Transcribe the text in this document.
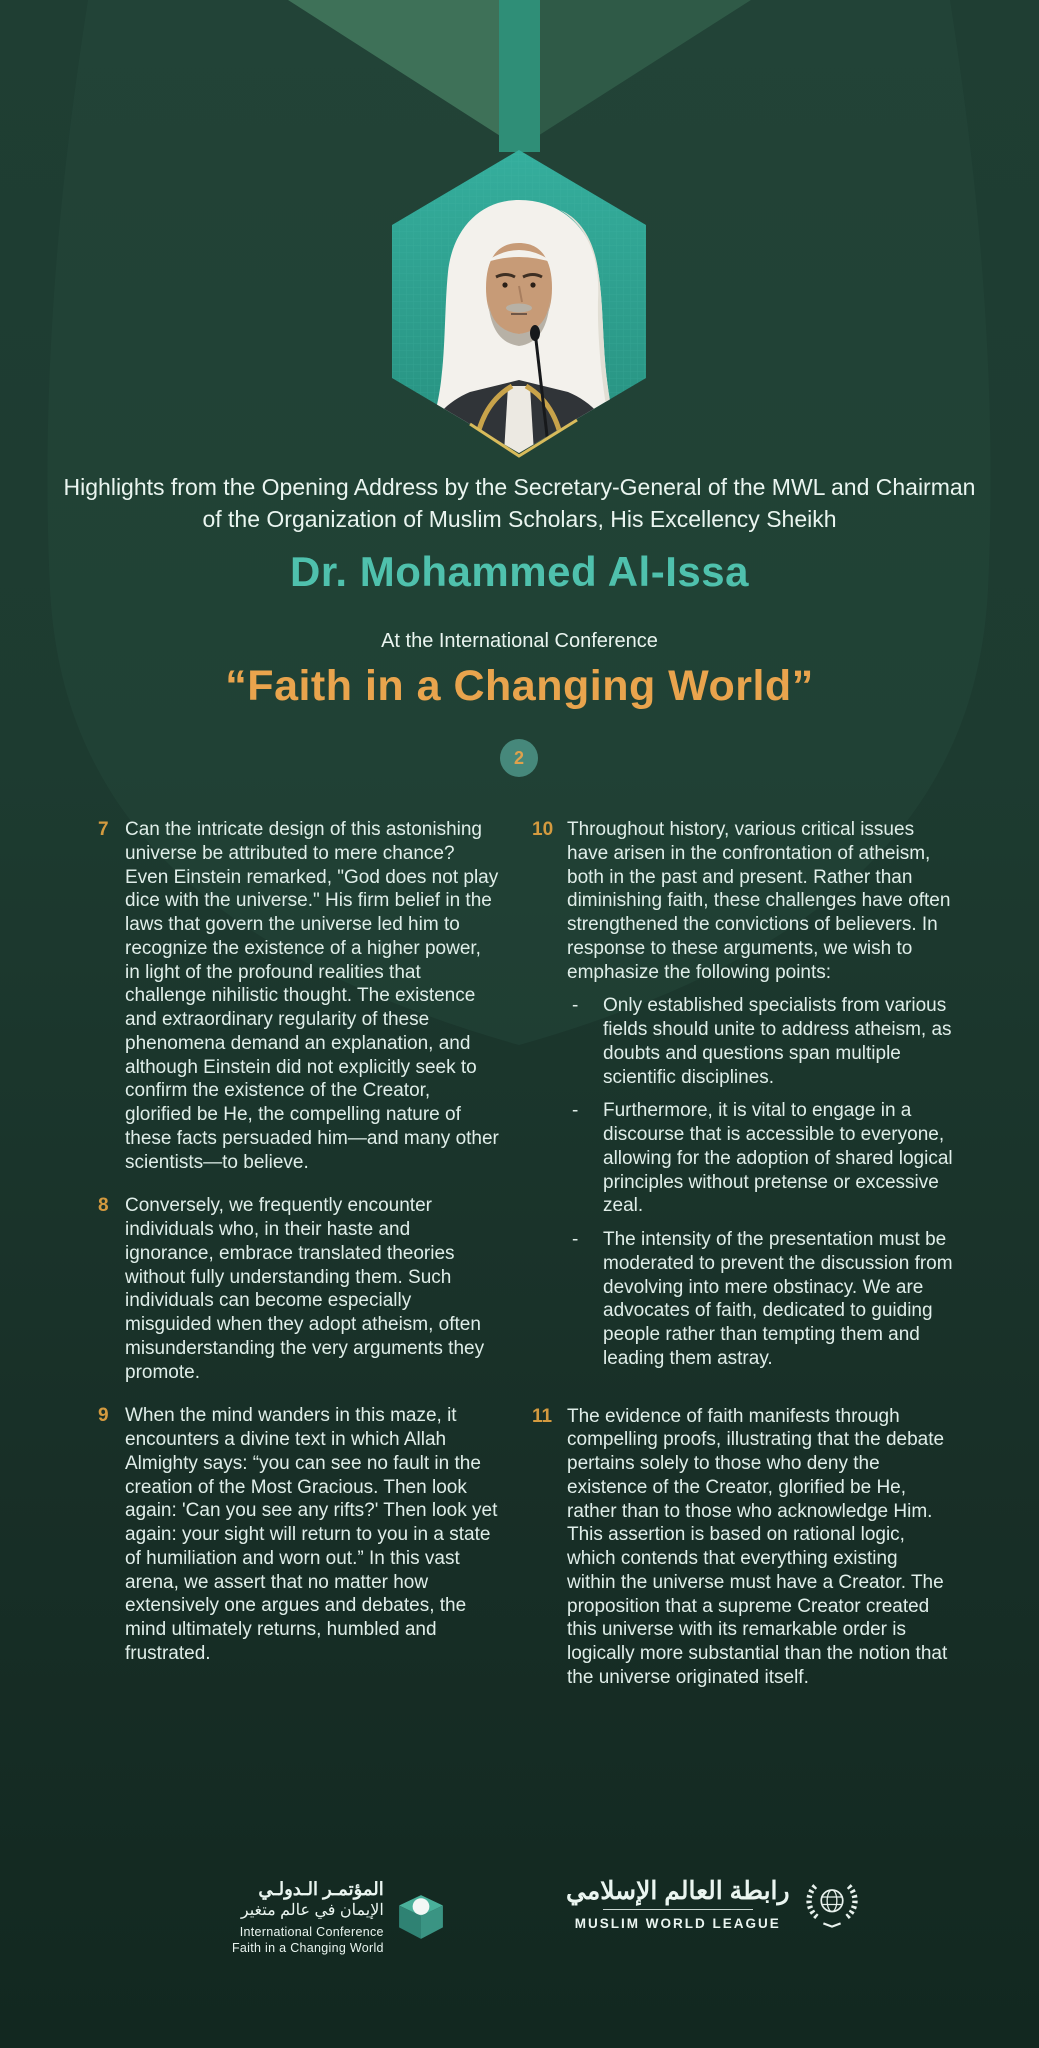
Highlights from the Opening Address by the Secretary-General of the MWL and Chairman of the Organization of Muslim Scholars, His Excellency Sheikh
Dr. Mohammed Al-Issa
At the International Conference
“Faith in a Changing World”
2
7 Can the intricate design of this astonishing universe be attributed to mere chance? Even Einstein remarked, "God does not play dice with the universe." His firm belief in the laws that govern the universe led him to recognize the existence of a higher power, in light of the profound realities that challenge nihilistic thought. The existence and extraordinary regularity of these phenomena demand an explanation, and although Einstein did not explicitly seek to confirm the existence of the Creator, glorified be He, the compelling nature of these facts persuaded him—and many other scientists—to believe.
8 Conversely, we frequently encounter individuals who, in their haste and ignorance, embrace translated theories without fully understanding them. Such individuals can become especially misguided when they adopt atheism, often misunderstanding the very arguments they promote.
9 When the mind wanders in this maze, it encounters a divine text in which Allah Almighty says: “you can see no fault in the creation of the Most Gracious. Then look again: 'Can you see any rifts?' Then look yet again: your sight will return to you in a state of humiliation and worn out.” In this vast arena, we assert that no matter how extensively one argues and debates, the mind ultimately returns, humbled and frustrated.
10 Throughout history, various critical issues have arisen in the confrontation of atheism, both in the past and present. Rather than diminishing faith, these challenges have often strengthened the convictions of believers. In response to these arguments, we wish to emphasize the following points:
-	Only established specialists from various fields should unite to address atheism, as doubts and questions span multiple scientific disciplines.
-	Furthermore, it is vital to engage in a discourse that is accessible to everyone, allowing for the adoption of shared logical principles without pretense or excessive zeal.
-	The intensity of the presentation must be moderated to prevent the discussion from devolving into mere obstinacy. We are advocates of faith, dedicated to guiding people rather than tempting them and leading them astray.
11 The evidence of faith manifests through compelling proofs, illustrating that the debate pertains solely to those who deny the existence of the Creator, glorified be He, rather than to those who acknowledge Him. This assertion is based on rational logic, which contends that everything existing within the universe must have a Creator. The proposition that a supreme Creator created this universe with its remarkable order is logically more substantial than the notion that the universe originated itself.
المؤتمـر الـدولـي
الإيمان في عالم متغير
International Conference
Faith in a Changing World
رابطة العالم الإسلامي
MUSLIM WORLD LEAGUE
